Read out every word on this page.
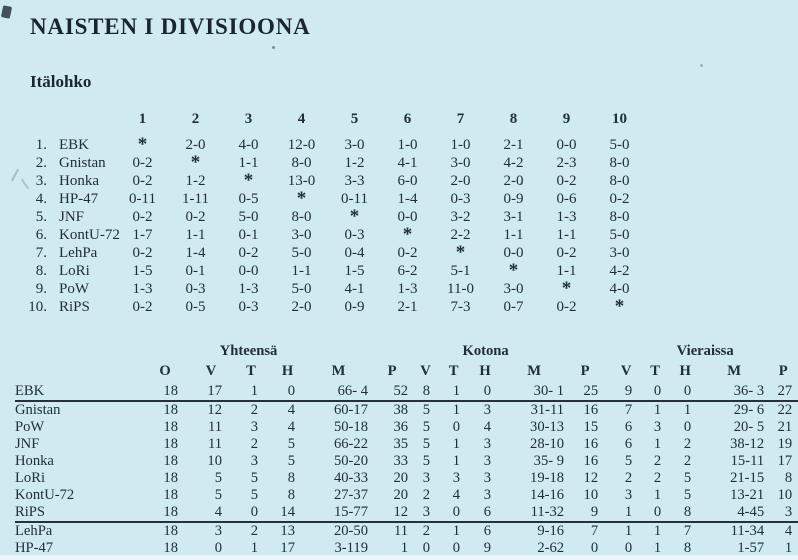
NAISTEN I DIVISIOONA
Itälohko
		1	2	3	4	5	6	7	8	9	10
1.	EBK	*	2-0	4-0	12-0	3-0	1-0	1-0	2-1	0-0	5-0
2.	Gnistan	0-2	*	1-1	8-0	1-2	4-1	3-0	4-2	2-3	8-0
3.	Honka	0-2	1-2	*	13-0	3-3	6-0	2-0	2-0	0-2	8-0
4.	HP-47	0-11	1-11	0-5	*	0-11	1-4	0-3	0-9	0-6	0-2
5.	JNF	0-2	0-2	5-0	8-0	*	0-0	3-2	3-1	1-3	8-0
6.	KontU-72	1-7	1-1	0-1	3-0	0-3	*	2-2	1-1	1-1	5-0
7.	LehPa	0-2	1-4	0-2	5-0	0-4	0-2	*	0-0	0-2	3-0
8.	LoRi	1-5	0-1	0-0	1-1	1-5	6-2	5-1	*	1-1	4-2
9.	PoW	1-3	0-3	1-3	5-0	4-1	1-3	11-0	3-0	*	4-0
10.	RiPS	0-2	0-5	0-3	2-0	0-9	2-1	7-3	0-7	0-2	*
	Yhteensä							Kotona						Vieraissa				
	O	V	T	H	M	P		V	T	H	M	P		V	T	H	M	P
EBK	18	17	1	0	66- 4	52		8	1	0	30- 1	25		9	0	0	36- 3	27
Gnistan	18	12	2	4	60-17	38		5	1	3	31-11	16		7	1	1	29- 6	22
PoW	18	11	3	4	50-18	36		5	0	4	30-13	15		6	3	0	20- 5	21
JNF	18	11	2	5	66-22	35		5	1	3	28-10	16		6	1	2	38-12	19
Honka	18	10	3	5	50-20	33		5	1	3	35- 9	16		5	2	2	15-11	17
LoRi	18	5	5	8	40-33	20		3	3	3	19-18	12		2	2	5	21-15	8
KontU-72	18	5	5	8	27-37	20		2	4	3	14-16	10		3	1	5	13-21	10
RiPS	18	4	0	14	15-77	12		3	0	6	11-32	9		1	0	8	4-45	3
LehPa	18	3	2	13	20-50	11		2	1	6	9-16	7		1	1	7	11-34	4
HP-47	18	0	1	17	3-119	1		0	0	9	2-62	0		0	1	8	1-57	1
